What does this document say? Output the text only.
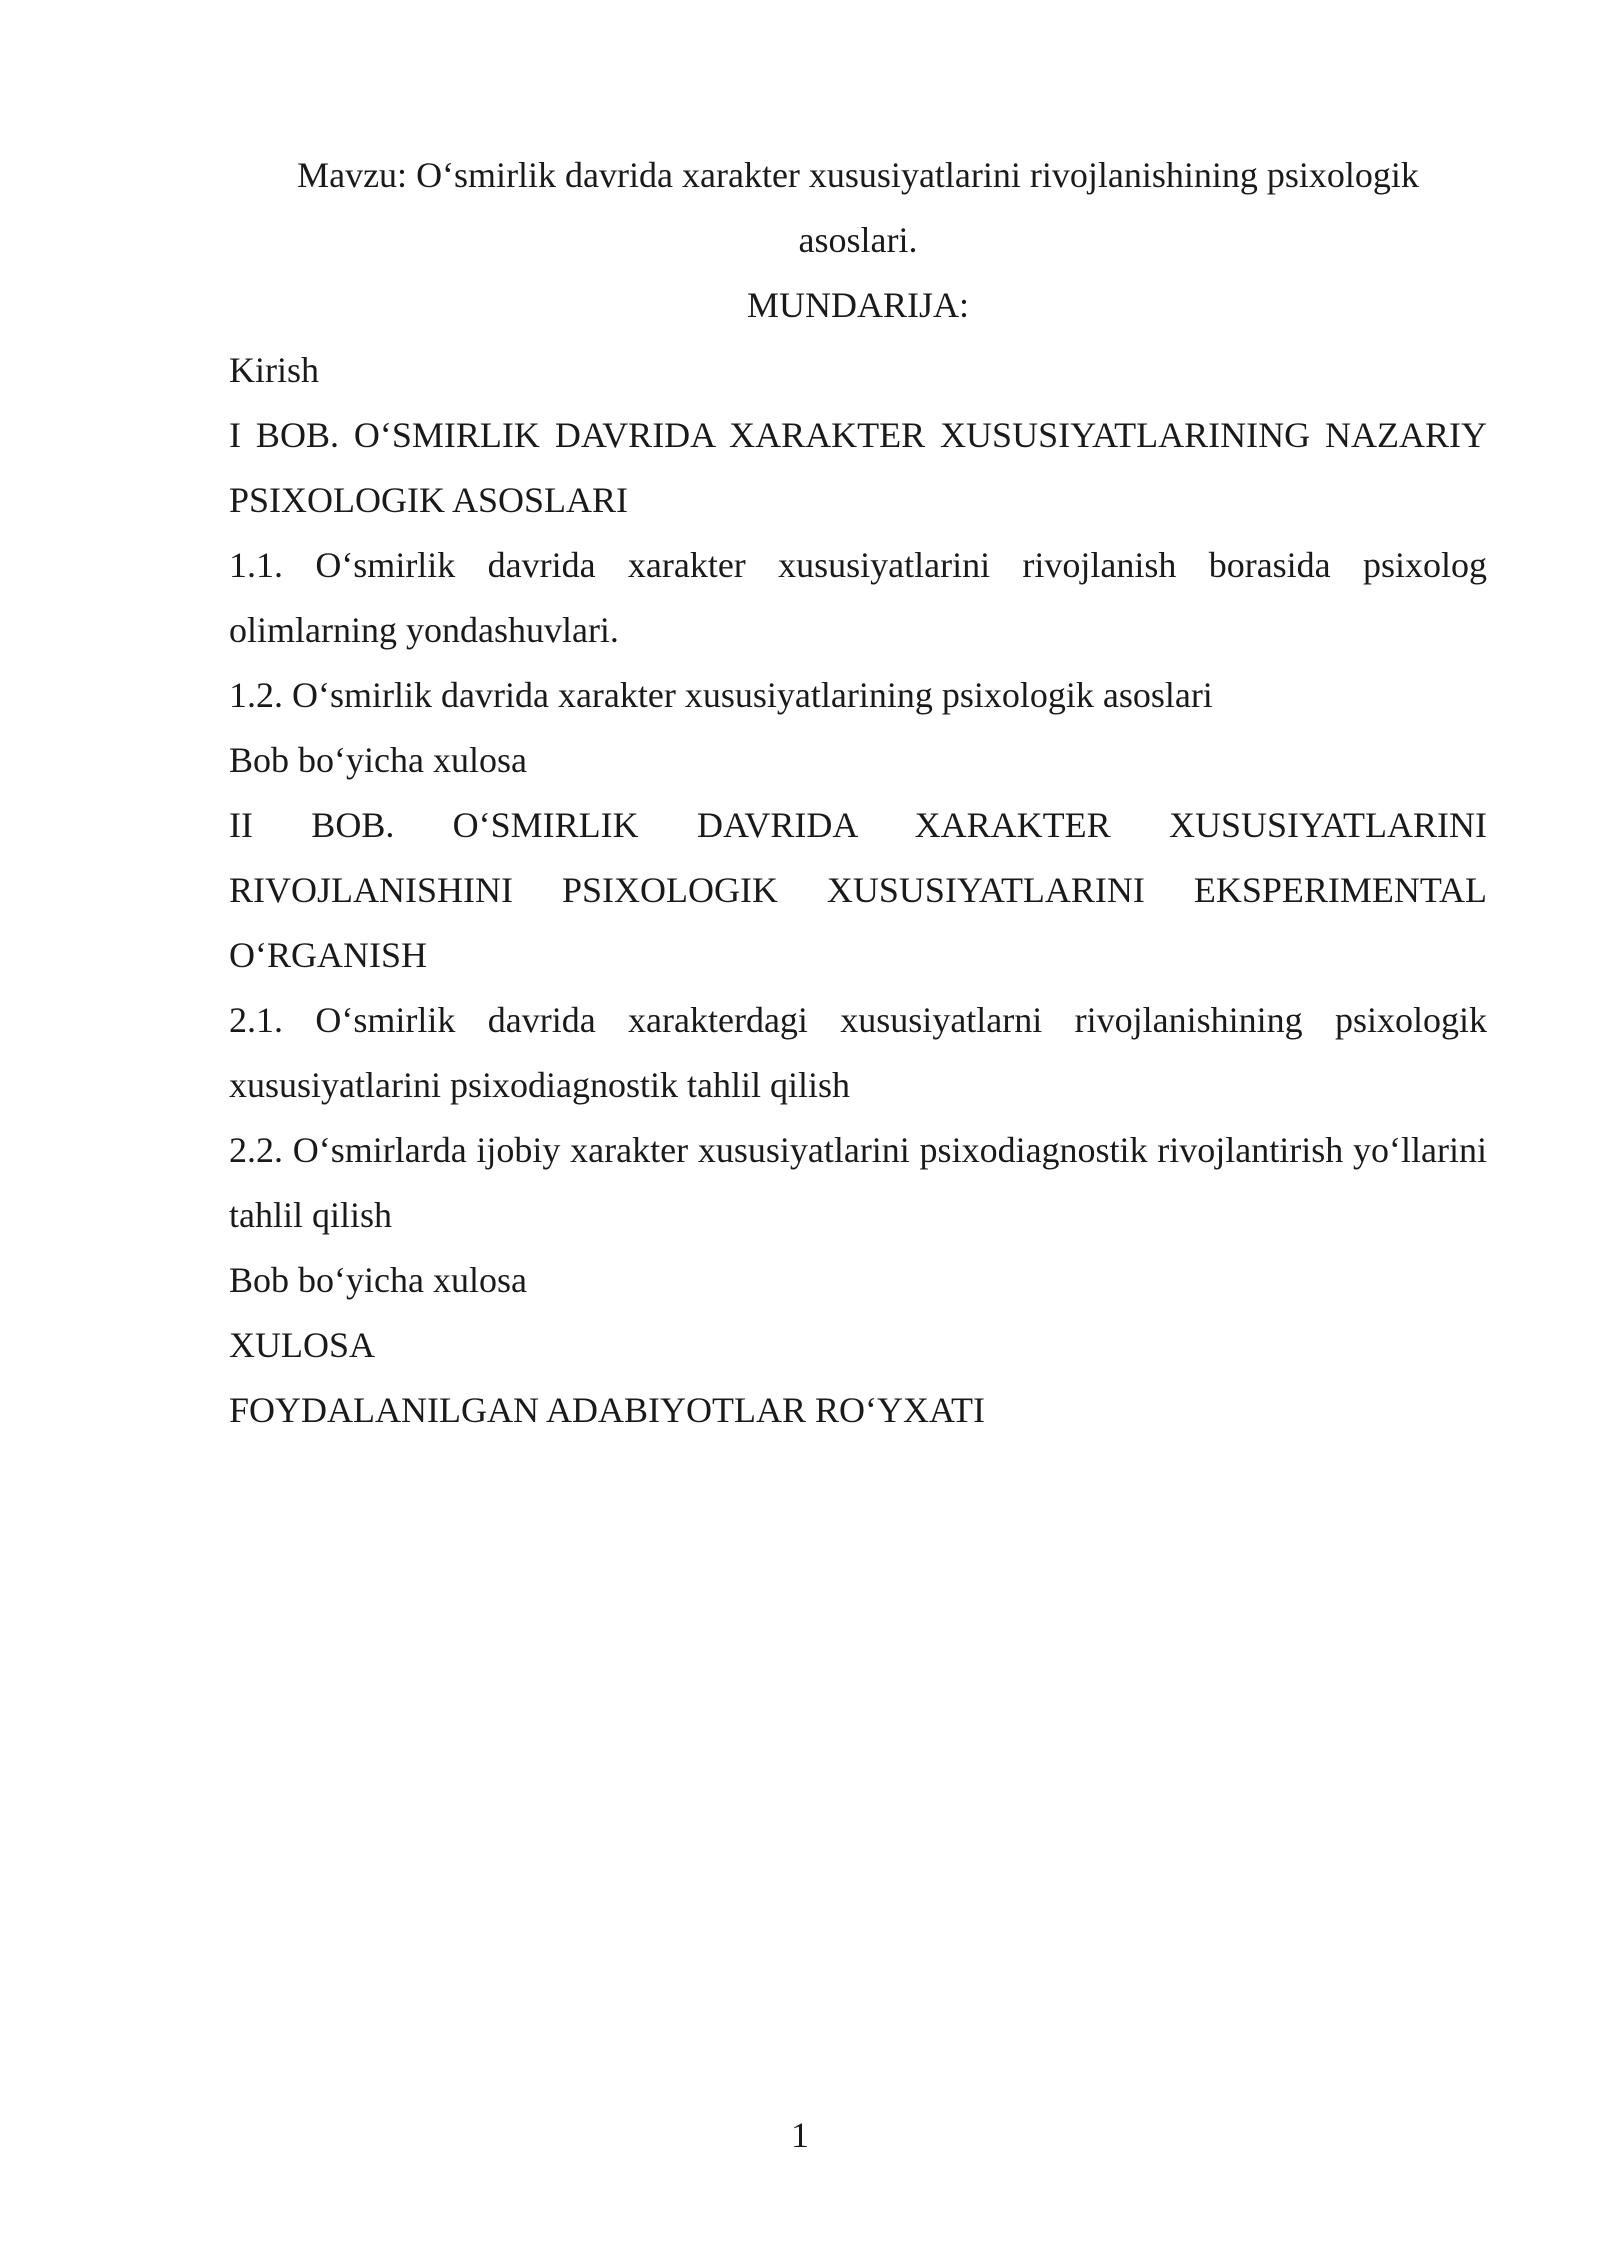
Mavzu: O‘smirlik davrida xarakter xususiyatlarini rivojlanishining psixologik asoslari.

MUNDARIJA:

Kirish

I BOB. O‘SMIRLIK DAVRIDA XARAKTER XUSUSIYATLARINING NAZARIY PSIXOLOGIK ASOSLARI

1.1. O‘smirlik davrida xarakter xususiyatlarini rivojlanish borasida psixolog olimlarning yondashuvlari.

1.2. O‘smirlik davrida xarakter xususiyatlarining psixologik asoslari

Bob bo‘yicha xulosa

II BOB. O‘SMIRLIK DAVRIDA XARAKTER XUSUSIYATLARINI RIVOJLANISHINI PSIXOLOGIK XUSUSIYATLARINI EKSPERIMENTAL O‘RGANISH

2.1. O‘smirlik davrida xarakterdagi xususiyatlarni rivojlanishining psixologik xususiyatlarini psixodiagnostik tahlil qilish

2.2. O‘smirlarda ijobiy xarakter xususiyatlarini psixodiagnostik rivojlantirish yo‘llarini tahlil qilish

Bob bo‘yicha xulosa

XULOSA

FOYDALANILGAN ADABIYOTLAR RO‘YXATI

1
